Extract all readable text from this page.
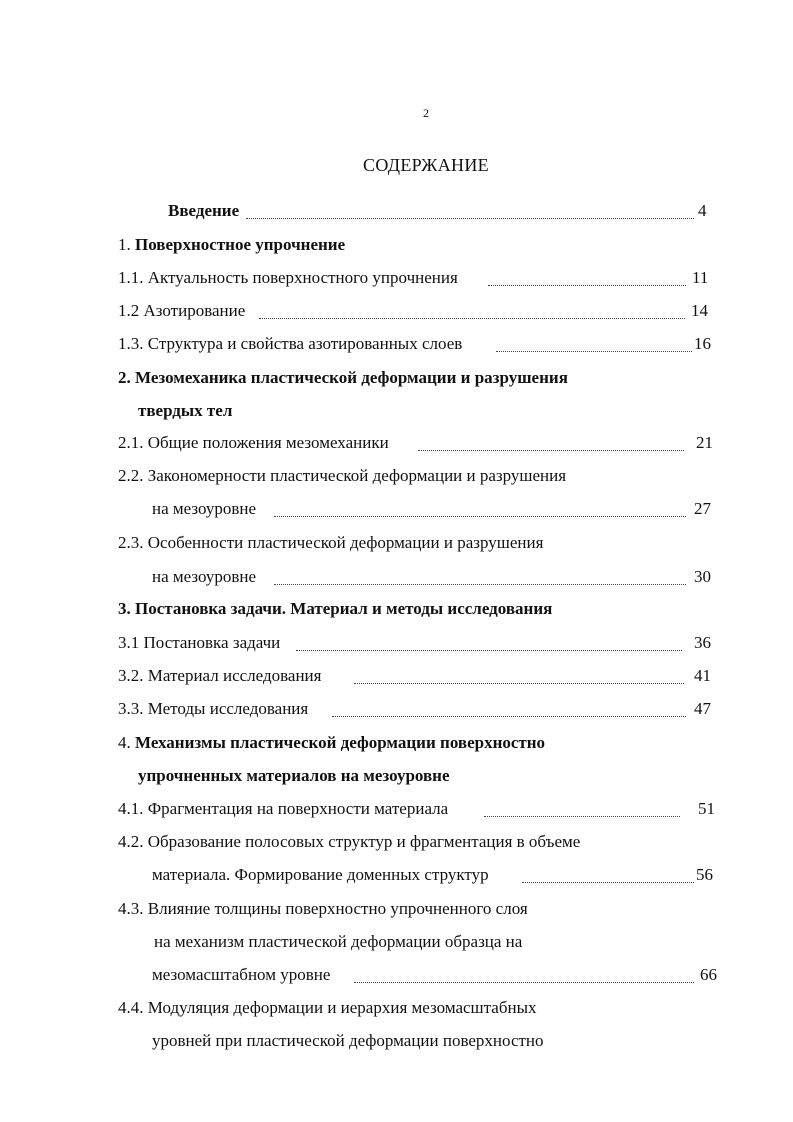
2
СОДЕРЖАНИЕ
Введение	4
1. Поверхностное упрочнение
1.1. Актуальность поверхностного упрочнения	11
1.2 Азотирование	14
1.3. Структура и свойства азотированных слоев	16
2. Мезомеханика пластической деформации и разрушения
твердых тел
2.1. Общие положения мезомеханики	21
2.2. Закономерности пластической деформации и разрушения
на мезоуровне	27
2.3. Особенности пластической деформации и разрушения
на мезоуровне	30
3. Постановка задачи. Материал и методы исследования
3.1 Постановка задачи	36
3.2. Материал исследования	41
3.3. Методы исследования	47
4. Механизмы пластической деформации поверхностно
упрочненных материалов на мезоуровне
4.1. Фрагментация на поверхности материала	51
4.2. Образование полосовых структур и фрагментация в объеме
материала. Формирование доменных структур	56
4.3. Влияние толщины поверхностно упрочненного слоя
на механизм пластической деформации образца на
мезомасштабном уровне	66
4.4. Модуляция деформации и иерархия мезомасштабных
уровней при пластической деформации поверхностно
